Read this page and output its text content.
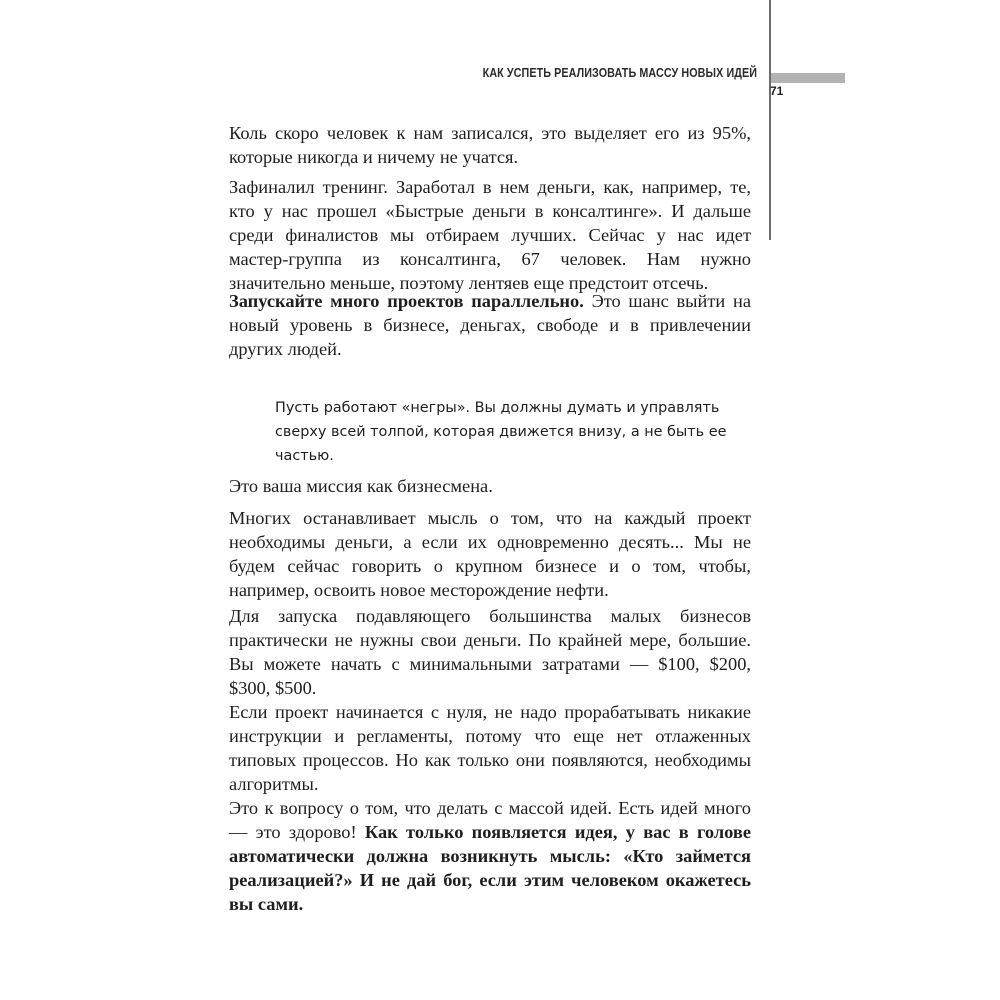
КАК УСПЕТЬ РЕАЛИЗОВАТЬ МАССУ НОВЫХ ИДЕЙ
71

Коль скоро человек к нам записался, это выделяет его из 95%, которые никогда и ничему не учатся.

Зафиналил тренинг. Заработал в нем деньги, как, например, те, кто у нас прошел «Быстрые деньги в консалтинге». И дальше среди финалистов мы отбираем лучших. Сейчас у нас идет мастер-группа из консалтинга, 67 человек. Нам нужно значительно меньше, поэтому лентяев еще предстоит отсечь.

Запускайте много проектов параллельно. Это шанс выйти на новый уровень в бизнесе, деньгах, свободе и в привлечении других людей.

Пусть работают «негры». Вы должны думать и управлять сверху всей толпой, которая движется внизу, а не быть ее частью.

Это ваша миссия как бизнесмена.

Многих останавливает мысль о том, что на каждый проект необходимы деньги, а если их одновременно десять... Мы не будем сейчас говорить о крупном бизнесе и о том, чтобы, например, освоить новое месторождение нефти.

Для запуска подавляющего большинства малых бизнесов практически не нужны свои деньги. По крайней мере, большие. Вы можете начать с минимальными затратами — $100, $200, $300, $500.

Если проект начинается с нуля, не надо прорабатывать никакие инструкции и регламенты, потому что еще нет отлаженных типовых процессов. Но как только они появляются, необходимы алгоритмы.

Это к вопросу о том, что делать с массой идей. Есть идей много — это здорово! Как только появляется идея, у вас в голове автоматически должна возникнуть мысль: «Кто займется реализацией?» И не дай бог, если этим человеком окажетесь вы сами.
